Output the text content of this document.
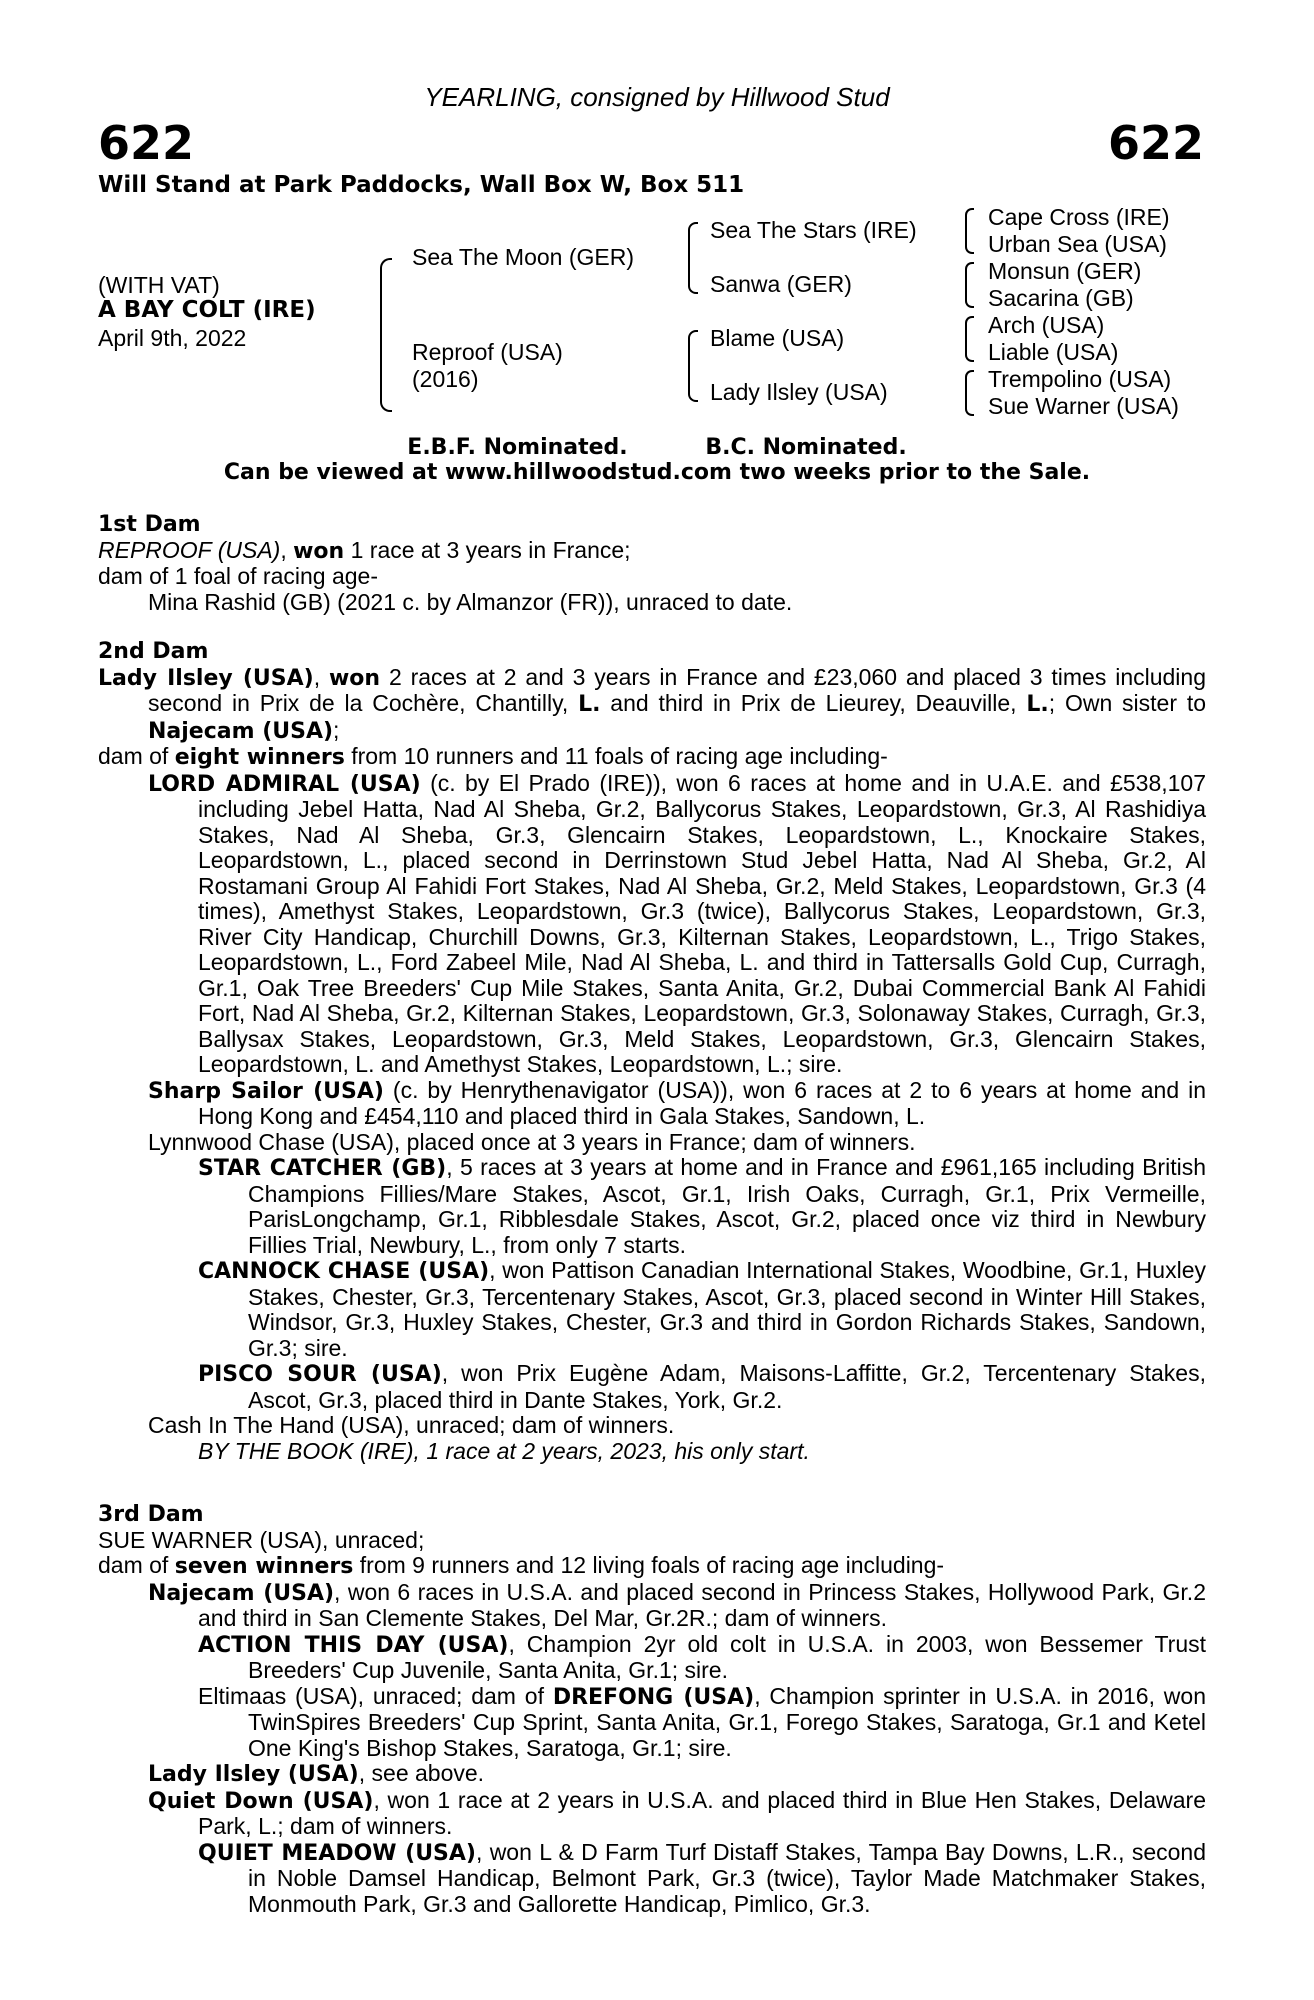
YEARLING, consigned by Hillwood Stud
622	622
Will Stand at Park Paddocks, Wall Box W, Box 511
(WITH VAT)
A BAY COLT (IRE)
April 9th, 2022
Sea The Moon (GER)
Reproof (USA)
(2016)
Sea The Stars (IRE)
Sanwa (GER)
Blame (USA)
Lady Ilsley (USA)
Cape Cross (IRE)
Urban Sea (USA)
Monsun (GER)
Sacarina (GB)
Arch (USA)
Liable (USA)
Trempolino (USA)
Sue Warner (USA)
E.B.F. Nominated.	B.C. Nominated.
Can be viewed at www.hillwoodstud.com two weeks prior to the Sale.
1st Dam
REPROOF (USA), won 1 race at 3 years in France;
dam of 1 foal of racing age-
Mina Rashid (GB) (2021 c. by Almanzor (FR)), unraced to date.
2nd Dam
Lady Ilsley (USA), won 2 races at 2 and 3 years in France and £23,060 and placed 3 times including second in Prix de la Cochère, Chantilly, L. and third in Prix de Lieurey, Deauville, L.; Own sister to Najecam (USA);
dam of eight winners from 10 runners and 11 foals of racing age including-
LORD ADMIRAL (USA) (c. by El Prado (IRE)), won 6 races at home and in U.A.E. and £538,107 including Jebel Hatta, Nad Al Sheba, Gr.2, Ballycorus Stakes, Leopardstown, Gr.3, Al Rashidiya Stakes, Nad Al Sheba, Gr.3, Glencairn Stakes, Leopardstown, L., Knockaire Stakes, Leopardstown, L., placed second in Derrinstown Stud Jebel Hatta, Nad Al Sheba, Gr.2, Al Rostamani Group Al Fahidi Fort Stakes, Nad Al Sheba, Gr.2, Meld Stakes, Leopardstown, Gr.3 (4 times), Amethyst Stakes, Leopardstown, Gr.3 (twice), Ballycorus Stakes, Leopardstown, Gr.3, River City Handicap, Churchill Downs, Gr.3, Kilternan Stakes, Leopardstown, L., Trigo Stakes, Leopardstown, L., Ford Zabeel Mile, Nad Al Sheba, L. and third in Tattersalls Gold Cup, Curragh, Gr.1, Oak Tree Breeders' Cup Mile Stakes, Santa Anita, Gr.2, Dubai Commercial Bank Al Fahidi Fort, Nad Al Sheba, Gr.2, Kilternan Stakes, Leopardstown, Gr.3, Solonaway Stakes, Curragh, Gr.3, Ballysax Stakes, Leopardstown, Gr.3, Meld Stakes, Leopardstown, Gr.3, Glencairn Stakes, Leopardstown, L. and Amethyst Stakes, Leopardstown, L.; sire.
Sharp Sailor (USA) (c. by Henrythenavigator (USA)), won 6 races at 2 to 6 years at home and in Hong Kong and £454,110 and placed third in Gala Stakes, Sandown, L.
Lynnwood Chase (USA), placed once at 3 years in France; dam of winners.
STAR CATCHER (GB), 5 races at 3 years at home and in France and £961,165 including British Champions Fillies/Mare Stakes, Ascot, Gr.1, Irish Oaks, Curragh, Gr.1, Prix Vermeille, ParisLongchamp, Gr.1, Ribblesdale Stakes, Ascot, Gr.2, placed once viz third in Newbury Fillies Trial, Newbury, L., from only 7 starts.
CANNOCK CHASE (USA), won Pattison Canadian International Stakes, Woodbine, Gr.1, Huxley Stakes, Chester, Gr.3, Tercentenary Stakes, Ascot, Gr.3, placed second in Winter Hill Stakes, Windsor, Gr.3, Huxley Stakes, Chester, Gr.3 and third in Gordon Richards Stakes, Sandown, Gr.3; sire.
PISCO SOUR (USA), won Prix Eugène Adam, Maisons-Laffitte, Gr.2, Tercentenary Stakes, Ascot, Gr.3, placed third in Dante Stakes, York, Gr.2.
Cash In The Hand (USA), unraced; dam of winners.
BY THE BOOK (IRE), 1 race at 2 years, 2023, his only start.
3rd Dam
SUE WARNER (USA), unraced;
dam of seven winners from 9 runners and 12 living foals of racing age including-
Najecam (USA), won 6 races in U.S.A. and placed second in Princess Stakes, Hollywood Park, Gr.2 and third in San Clemente Stakes, Del Mar, Gr.2R.; dam of winners.
ACTION THIS DAY (USA), Champion 2yr old colt in U.S.A. in 2003, won Bessemer Trust Breeders' Cup Juvenile, Santa Anita, Gr.1; sire.
Eltimaas (USA), unraced; dam of DREFONG (USA), Champion sprinter in U.S.A. in 2016, won TwinSpires Breeders' Cup Sprint, Santa Anita, Gr.1, Forego Stakes, Saratoga, Gr.1 and Ketel One King's Bishop Stakes, Saratoga, Gr.1; sire.
Lady Ilsley (USA), see above.
Quiet Down (USA), won 1 race at 2 years in U.S.A. and placed third in Blue Hen Stakes, Delaware Park, L.; dam of winners.
QUIET MEADOW (USA), won L & D Farm Turf Distaff Stakes, Tampa Bay Downs, L.R., second in Noble Damsel Handicap, Belmont Park, Gr.3 (twice), Taylor Made Matchmaker Stakes, Monmouth Park, Gr.3 and Gallorette Handicap, Pimlico, Gr.3.
